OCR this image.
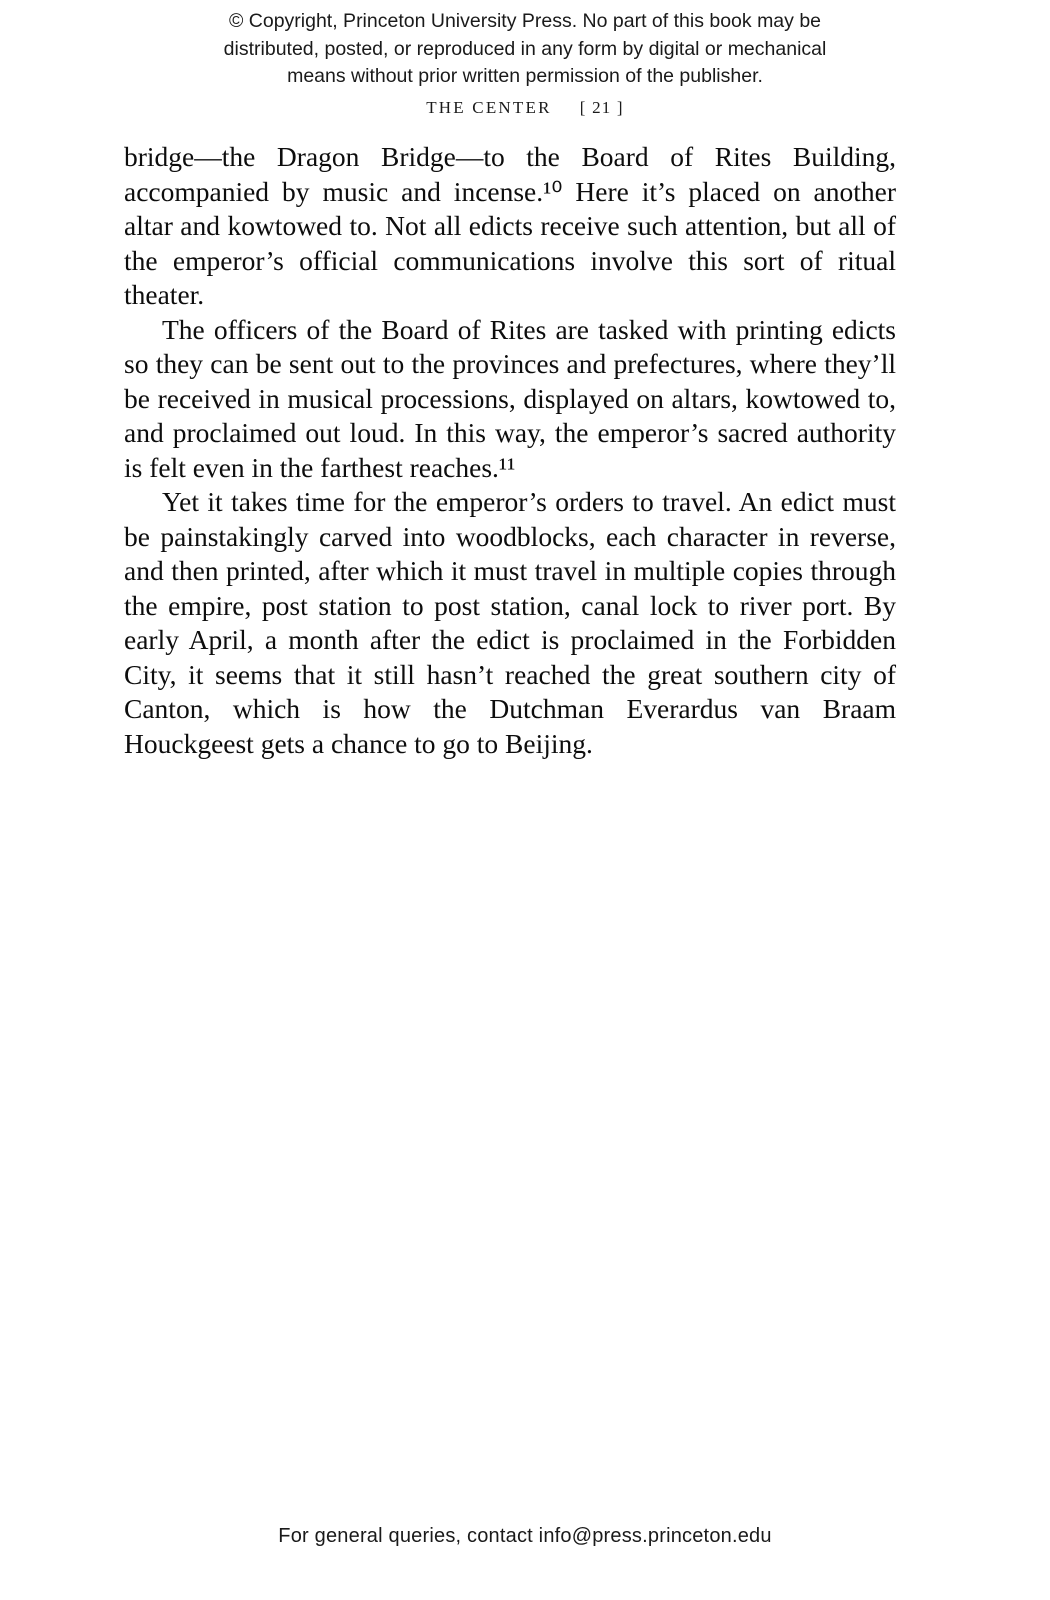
© Copyright, Princeton University Press. No part of this book may be
distributed, posted, or reproduced in any form by digital or mechanical
means without prior written permission of the publisher.
THE CENTER [ 21 ]

bridge—the Dragon Bridge—to the Board of Rites Building, accompanied by music and incense.¹⁰ Here it’s placed on another altar and kowtowed to. Not all edicts receive such attention, but all of the emperor’s official communications involve this sort of ritual theater.

The officers of the Board of Rites are tasked with printing edicts so they can be sent out to the provinces and prefectures, where they’ll be received in musical processions, displayed on altars, kowtowed to, and proclaimed out loud. In this way, the emperor’s sacred authority is felt even in the farthest reaches.¹¹

Yet it takes time for the emperor’s orders to travel. An edict must be painstakingly carved into woodblocks, each character in reverse, and then printed, after which it must travel in multiple copies through the empire, post station to post station, canal lock to river port. By early April, a month after the edict is proclaimed in the Forbidden City, it seems that it still hasn’t reached the great southern city of Canton, which is how the Dutchman Everardus van Braam Houckgeest gets a chance to go to Beijing.

For general queries, contact info@press.princeton.edu
